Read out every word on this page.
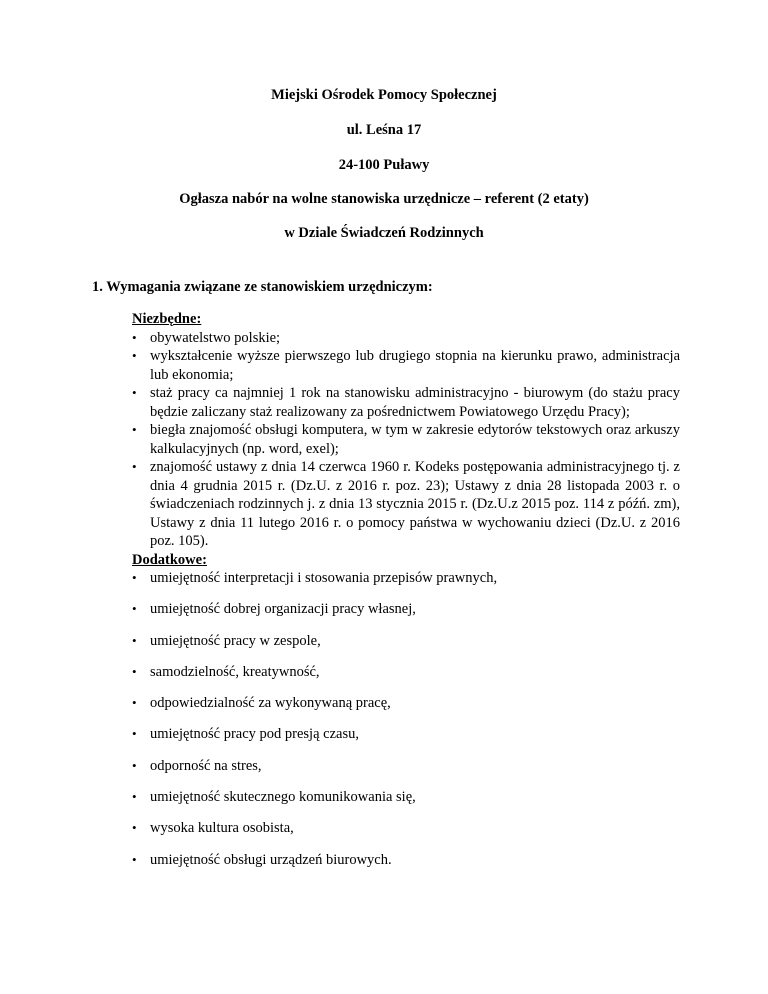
Miejski Ośrodek Pomocy Społecznej
ul. Leśna 17
24-100 Puławy
Ogłasza nabór na wolne stanowiska urzędnicze – referent (2 etaty)
w Dziale Świadczeń Rodzinnych
1. Wymagania związane ze stanowiskiem urzędniczym:
Niezbędne:
• obywatelstwo polskie;
• wykształcenie wyższe pierwszego lub drugiego stopnia na kierunku prawo, administracja lub ekonomia;
• staż pracy ca najmniej 1 rok na stanowisku administracyjno - biurowym (do stażu pracy będzie zaliczany staż realizowany za pośrednictwem Powiatowego Urzędu Pracy);
• biegła znajomość obsługi komputera, w tym w zakresie edytorów tekstowych oraz arkuszy kalkulacyjnych (np. word, exel);
• znajomość ustawy z dnia 14 czerwca 1960 r. Kodeks postępowania administracyjnego tj. z dnia 4 grudnia 2015 r. (Dz.U. z 2016 r. poz. 23); Ustawy z dnia 28 listopada 2003 r. o świadczeniach rodzinnych j. z dnia 13 stycznia 2015 r. (Dz.U.z 2015 poz. 114 z późń. zm), Ustawy z dnia 11 lutego 2016 r. o pomocy państwa w wychowaniu dzieci (Dz.U. z 2016 poz. 105).
Dodatkowe:
• umiejętność interpretacji i stosowania przepisów prawnych,
• umiejętność dobrej organizacji pracy własnej,
• umiejętność pracy w zespole,
• samodzielność, kreatywność,
• odpowiedzialność za wykonywaną pracę,
• umiejętność pracy pod presją czasu,
• odporność na stres,
• umiejętność skutecznego komunikowania się,
• wysoka kultura osobista,
• umiejętność obsługi urządzeń biurowych.
